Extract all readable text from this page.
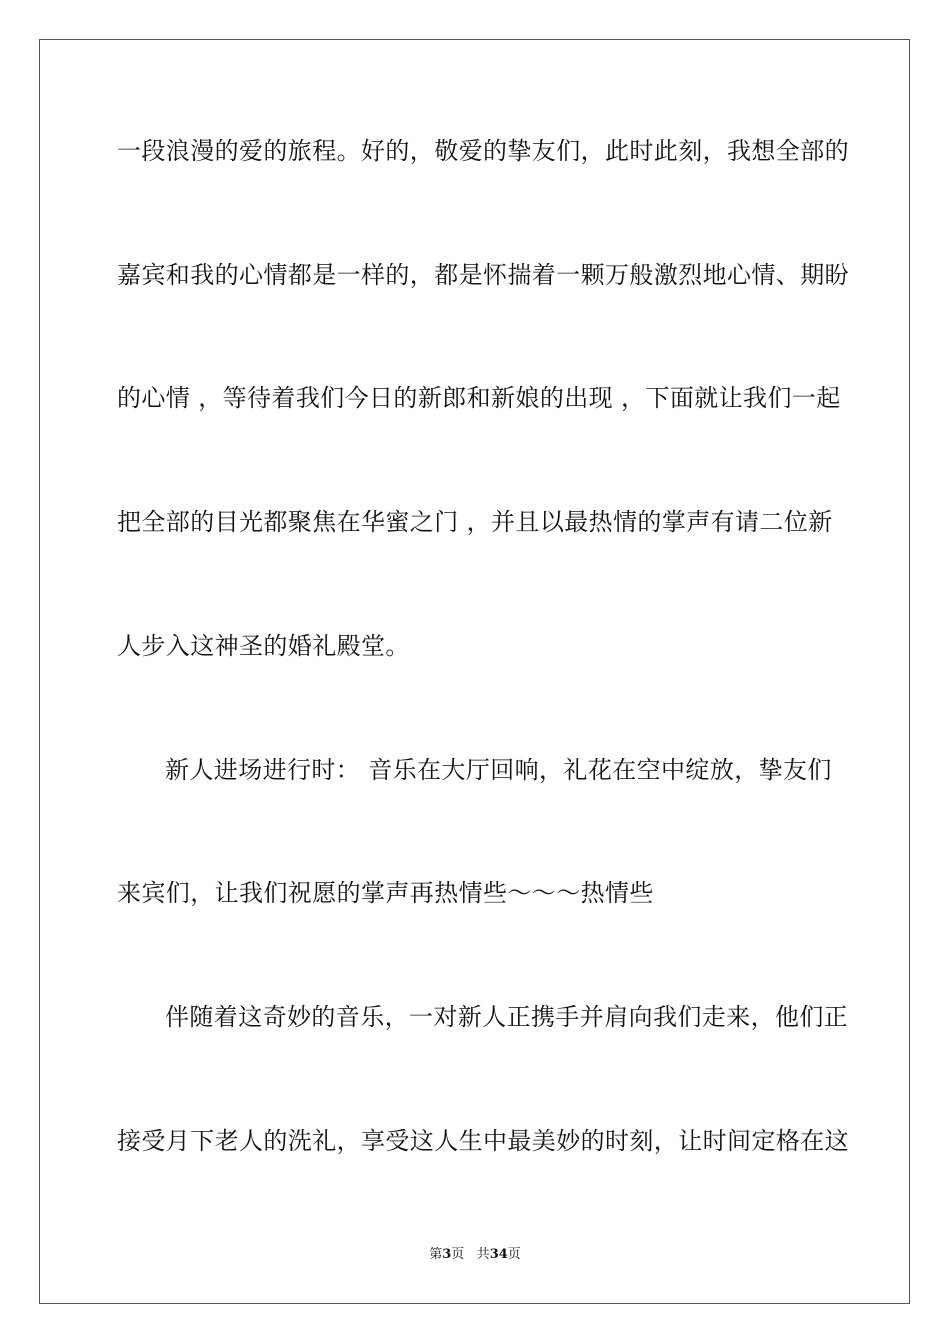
一段浪漫的爱的旅程。好的，敬爱的挚友们，此时此刻，我想全部的
嘉宾和我的心情都是一样的，都是怀揣着一颗万般激烈地心情、期盼
的心情 ，等待着我们今日的新郎和新娘的出现 ，下面就让我们一起
把全部的目光都聚焦在华蜜之门 ，并且以最热情的掌声有请二位新
人步入这神圣的婚礼殿堂。
新人进场进行时： 音乐在大厅回响，礼花在空中绽放，挚友们
来宾们，让我们祝愿的掌声再热情些～～～热情些
伴随着这奇妙的音乐，一对新人正携手并肩向我们走来，他们正
接受月下老人的洗礼，享受这人生中最美妙的时刻，让时间定格在这
第3页 共34页
